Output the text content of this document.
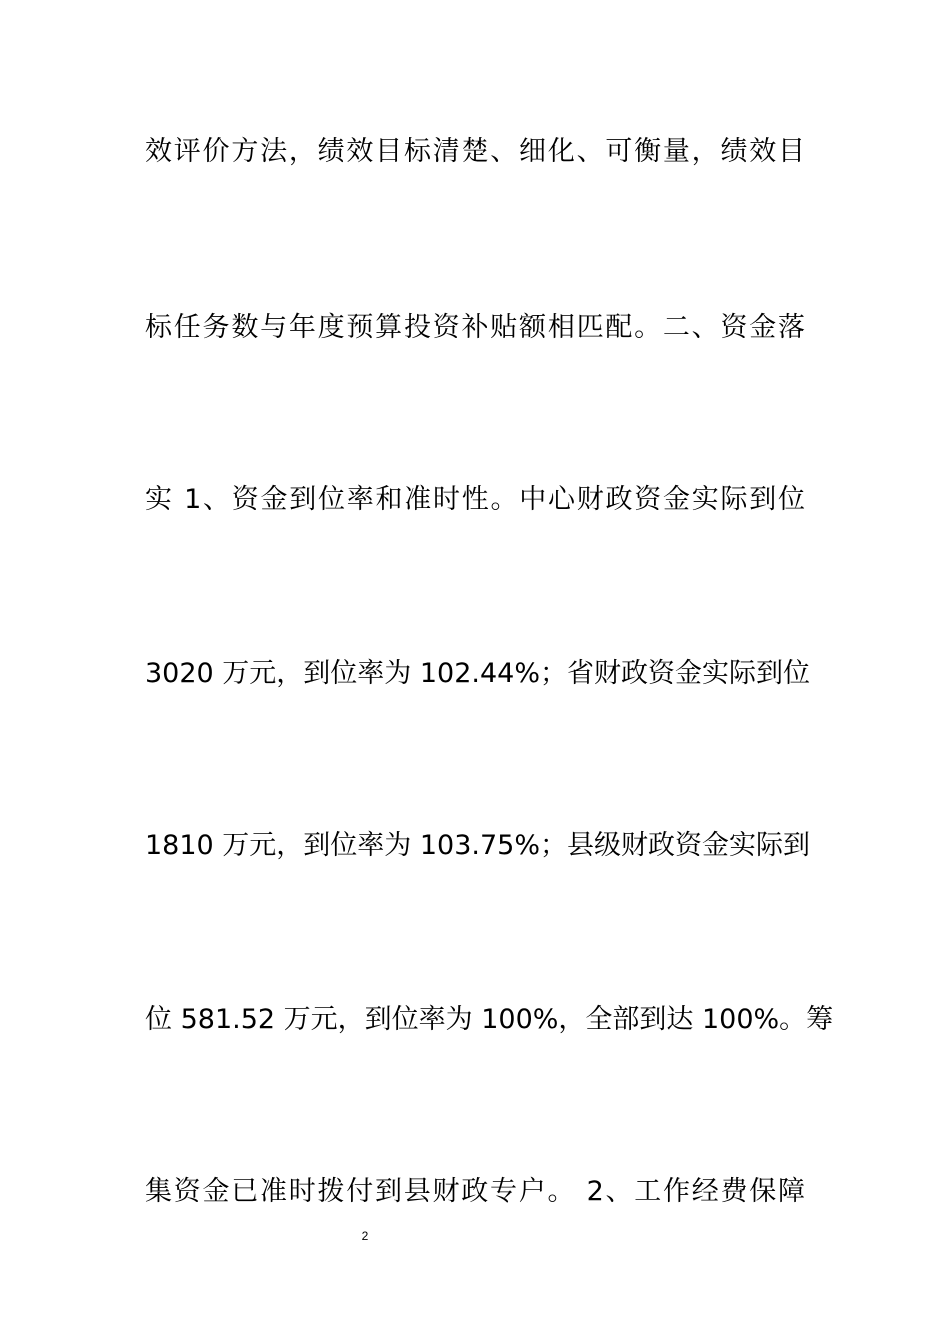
效评价方法，绩效目标清楚、细化、可衡量，绩效目
标任务数与年度预算投资补贴额相匹配。二、资金落
实 1、资金到位率和准时性。中心财政资金实际到位
3020 万元，到位率为 102.44%；省财政资金实际到位
1810 万元，到位率为 103.75%；县级财政资金实际到
位 581.52 万元，到位率为 100%，全部到达 100%。筹
集资金已准时拨付到县财政专户。 2、工作经费保障
2
